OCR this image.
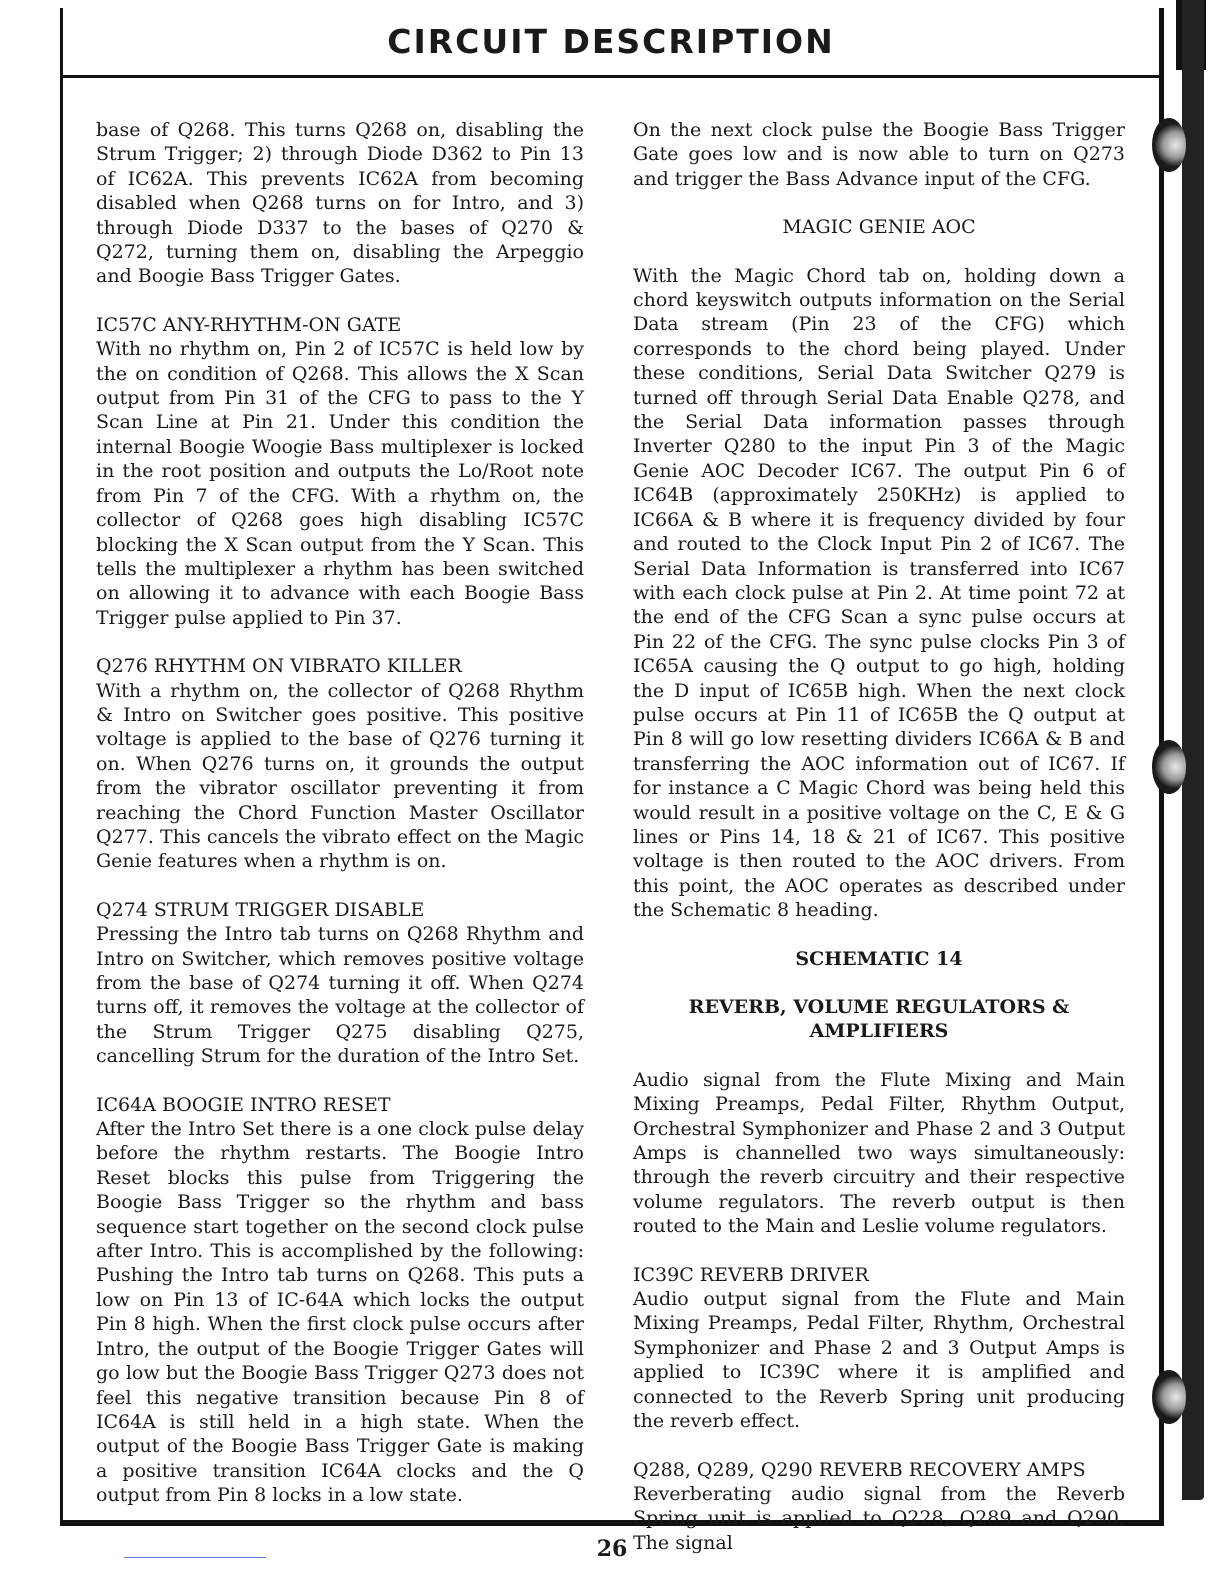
CIRCUIT DESCRIPTION

base of Q268. This turns Q268 on, disabling the Strum Trigger; 2) through Diode D362 to Pin 13 of IC62A. This prevents IC62A from becoming disabled when Q268 turns on for Intro, and 3) through Diode D337 to the bases of Q270 & Q272, turning them on, disabling the Arpeggio and Boogie Bass Trigger Gates.

IC57C ANY-RHYTHM-ON GATE

With no rhythm on, Pin 2 of IC57C is held low by the on condition of Q268. This allows the X Scan output from Pin 31 of the CFG to pass to the Y Scan Line at Pin 21. Under this condition the internal Boogie Woogie Bass multiplexer is locked in the root position and outputs the Lo/Root note from Pin 7 of the CFG. With a rhythm on, the collector of Q268 goes high disabling IC57C blocking the X Scan output from the Y Scan. This tells the multiplexer a rhythm has been switched on allowing it to advance with each Boogie Bass Trigger pulse applied to Pin 37.

Q276 RHYTHM ON VIBRATO KILLER

With a rhythm on, the collector of Q268 Rhythm & Intro on Switcher goes positive. This positive voltage is applied to the base of Q276 turning it on. When Q276 turns on, it grounds the output from the vibrator oscillator preventing it from reaching the Chord Function Master Oscillator Q277. This cancels the vibrato effect on the Magic Genie features when a rhythm is on.

Q274 STRUM TRIGGER DISABLE

Pressing the Intro tab turns on Q268 Rhythm and Intro on Switcher, which removes positive voltage from the base of Q274 turning it off. When Q274 turns off, it removes the voltage at the collector of the Strum Trigger Q275 disabling Q275, cancelling Strum for the duration of the Intro Set.

IC64A BOOGIE INTRO RESET

After the Intro Set there is a one clock pulse delay before the rhythm restarts. The Boogie Intro Reset blocks this pulse from Triggering the Boogie Bass Trigger so the rhythm and bass sequence start together on the second clock pulse after Intro. This is accomplished by the following: Pushing the Intro tab turns on Q268. This puts a low on Pin 13 of IC-64A which locks the output Pin 8 high. When the first clock pulse occurs after Intro, the output of the Boogie Trigger Gates will go low but the Boogie Bass Trigger Q273 does not feel this negative transition because Pin 8 of IC64A is still held in a high state. When the output of the Boogie Bass Trigger Gate is making a positive transition IC64A clocks and the Q output from Pin 8 locks in a low state.

On the next clock pulse the Boogie Bass Trigger Gate goes low and is now able to turn on Q273 and trigger the Bass Advance input of the CFG.

MAGIC GENIE AOC

With the Magic Chord tab on, holding down a chord keyswitch outputs information on the Serial Data stream (Pin 23 of the CFG) which corresponds to the chord being played. Under these conditions, Serial Data Switcher Q279 is turned off through Serial Data Enable Q278, and the Serial Data information passes through Inverter Q280 to the input Pin 3 of the Magic Genie AOC Decoder IC67. The output Pin 6 of IC64B (approximately 250KHz) is applied to IC66A & B where it is frequency divided by four and routed to the Clock Input Pin 2 of IC67. The Serial Data Information is transferred into IC67 with each clock pulse at Pin 2. At time point 72 at the end of the CFG Scan a sync pulse occurs at Pin 22 of the CFG. The sync pulse clocks Pin 3 of IC65A causing the Q output to go high, holding the D input of IC65B high. When the next clock pulse occurs at Pin 11 of IC65B the Q output at Pin 8 will go low resetting dividers IC66A & B and transferring the AOC information out of IC67. If for instance a C Magic Chord was being held this would result in a positive voltage on the C, E & G lines or Pins 14, 18 & 21 of IC67. This positive voltage is then routed to the AOC drivers. From this point, the AOC operates as described under the Schematic 8 heading.

SCHEMATIC 14
REVERB, VOLUME REGULATORS & AMPLIFIERS

Audio signal from the Flute Mixing and Main Mixing Preamps, Pedal Filter, Rhythm Output, Orchestral Symphonizer and Phase 2 and 3 Output Amps is channelled two ways simultaneously: through the reverb circuitry and their respective volume regulators. The reverb output is then routed to the Main and Leslie volume regulators.

IC39C REVERB DRIVER

Audio output signal from the Flute and Main Mixing Preamps, Pedal Filter, Rhythm, Orchestral Symphonizer and Phase 2 and 3 Output Amps is applied to IC39C where it is amplified and connected to the Reverb Spring unit producing the reverb effect.

Q288, Q289, Q290 REVERB RECOVERY AMPS

Reverberating audio signal from the Reverb Spring unit is applied to Q228, Q289 and Q290. The signal

26
